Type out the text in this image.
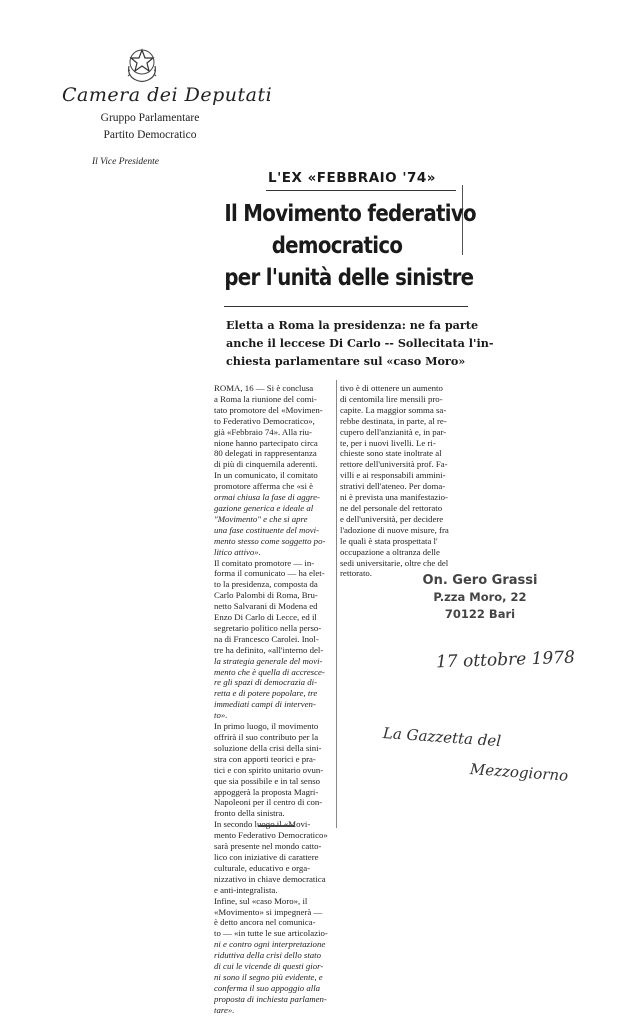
Camera dei Deputati
Gruppo Parlamentare
Partito Democratico
Il Vice Presidente
L'EX «FEBBRAIO '74»
Il Movimento federativo
democratico
per l'unità delle sinistre
Eletta a Roma la presidenza: ne fa parte
anche il leccese Di Carlo -- Sollecitata l'in-
chiesta parlamentare sul «caso Moro»
ROMA, 16 — Si è conclusa
a Roma la riunione del comi-
tato promotore del «Movimen-
to Federativo Democratico»,
già «Febbraio 74». Alla riu-
nione hanno partecipato circa
80 delegati in rappresentanza
di più di cinquemila aderenti.
In un comunicato, il comitato
promotore afferma che «si è
ormai chiusa la fase di aggre-
gazione generica e ideale al
"Movimento" e che si apre
una fase costituente del movi-
mento stesso come soggetto po-
litico attivo».
Il comitato promotore — in-
forma il comunicato — ha elet-
to la presidenza, composta da
Carlo Palombi di Roma, Bru-
netto Salvarani di Modena ed
Enzo Di Carlo di Lecce, ed il
segretario politico nella perso-
na di Francesco Carolei. Inol-
tre ha definito, «all'interno del-
la strategia generale del movi-
mento che è quella di accresce-
re gli spazi di democrazia di-
retta e di potere popolare, tre
immediati campi di interven-
to».
In primo luogo, il movimento
offrirà il suo contributo per la
soluzione della crisi della sini-
stra con apporti teorici e pra-
tici e con spirito unitario ovun-
que sia possibile e in tal senso
appoggerà la proposta Magri-
Napoleoni per il centro di con-
fronto della sinistra.
In secondo luogo il «Movi-
mento Federativo Democratico»
sarà presente nel mondo catto-
lico con iniziative di carattere
culturale, educativo e orga-
nizzativo in chiave democratica
e anti-integralista.
Infine, sul «caso Moro», il
«Movimento» si impegnerà —
è detto ancora nel comunica-
to — «in tutte le sue articolazio-
ni e contro ogni interpretazione
riduttiva della crisi dello stato
di cui le vicende di questi gior-
ni sono il segno più evidente, e
conferma il suo appoggio alla
proposta di inchiesta parlamen-
tare».
tivo è di ottenere un aumento
di centomila lire mensili pro-
capite. La maggior somma sa-
rebbe destinata, in parte, al re-
cupero dell'anzianità e, in par-
te, per i nuovi livelli. Le ri-
chieste sono state inoltrate al
rettore dell'università prof. Fa-
villi e ai responsabili ammini-
strativi dell'ateneo. Per doma-
ni è prevista una manifestazio-
ne del personale del rettorato
e dell'università, per decidere
l'adozione di nuove misure, fra
le quali è stata prospettata l'
occupazione a oltranza delle
sedi universitarie, oltre che del
rettorato.	On. Gero Grassi
P.zza Moro, 22
70122 Bari
17 ottobre 1978
La Gazzetta del
Mezzogiorno
